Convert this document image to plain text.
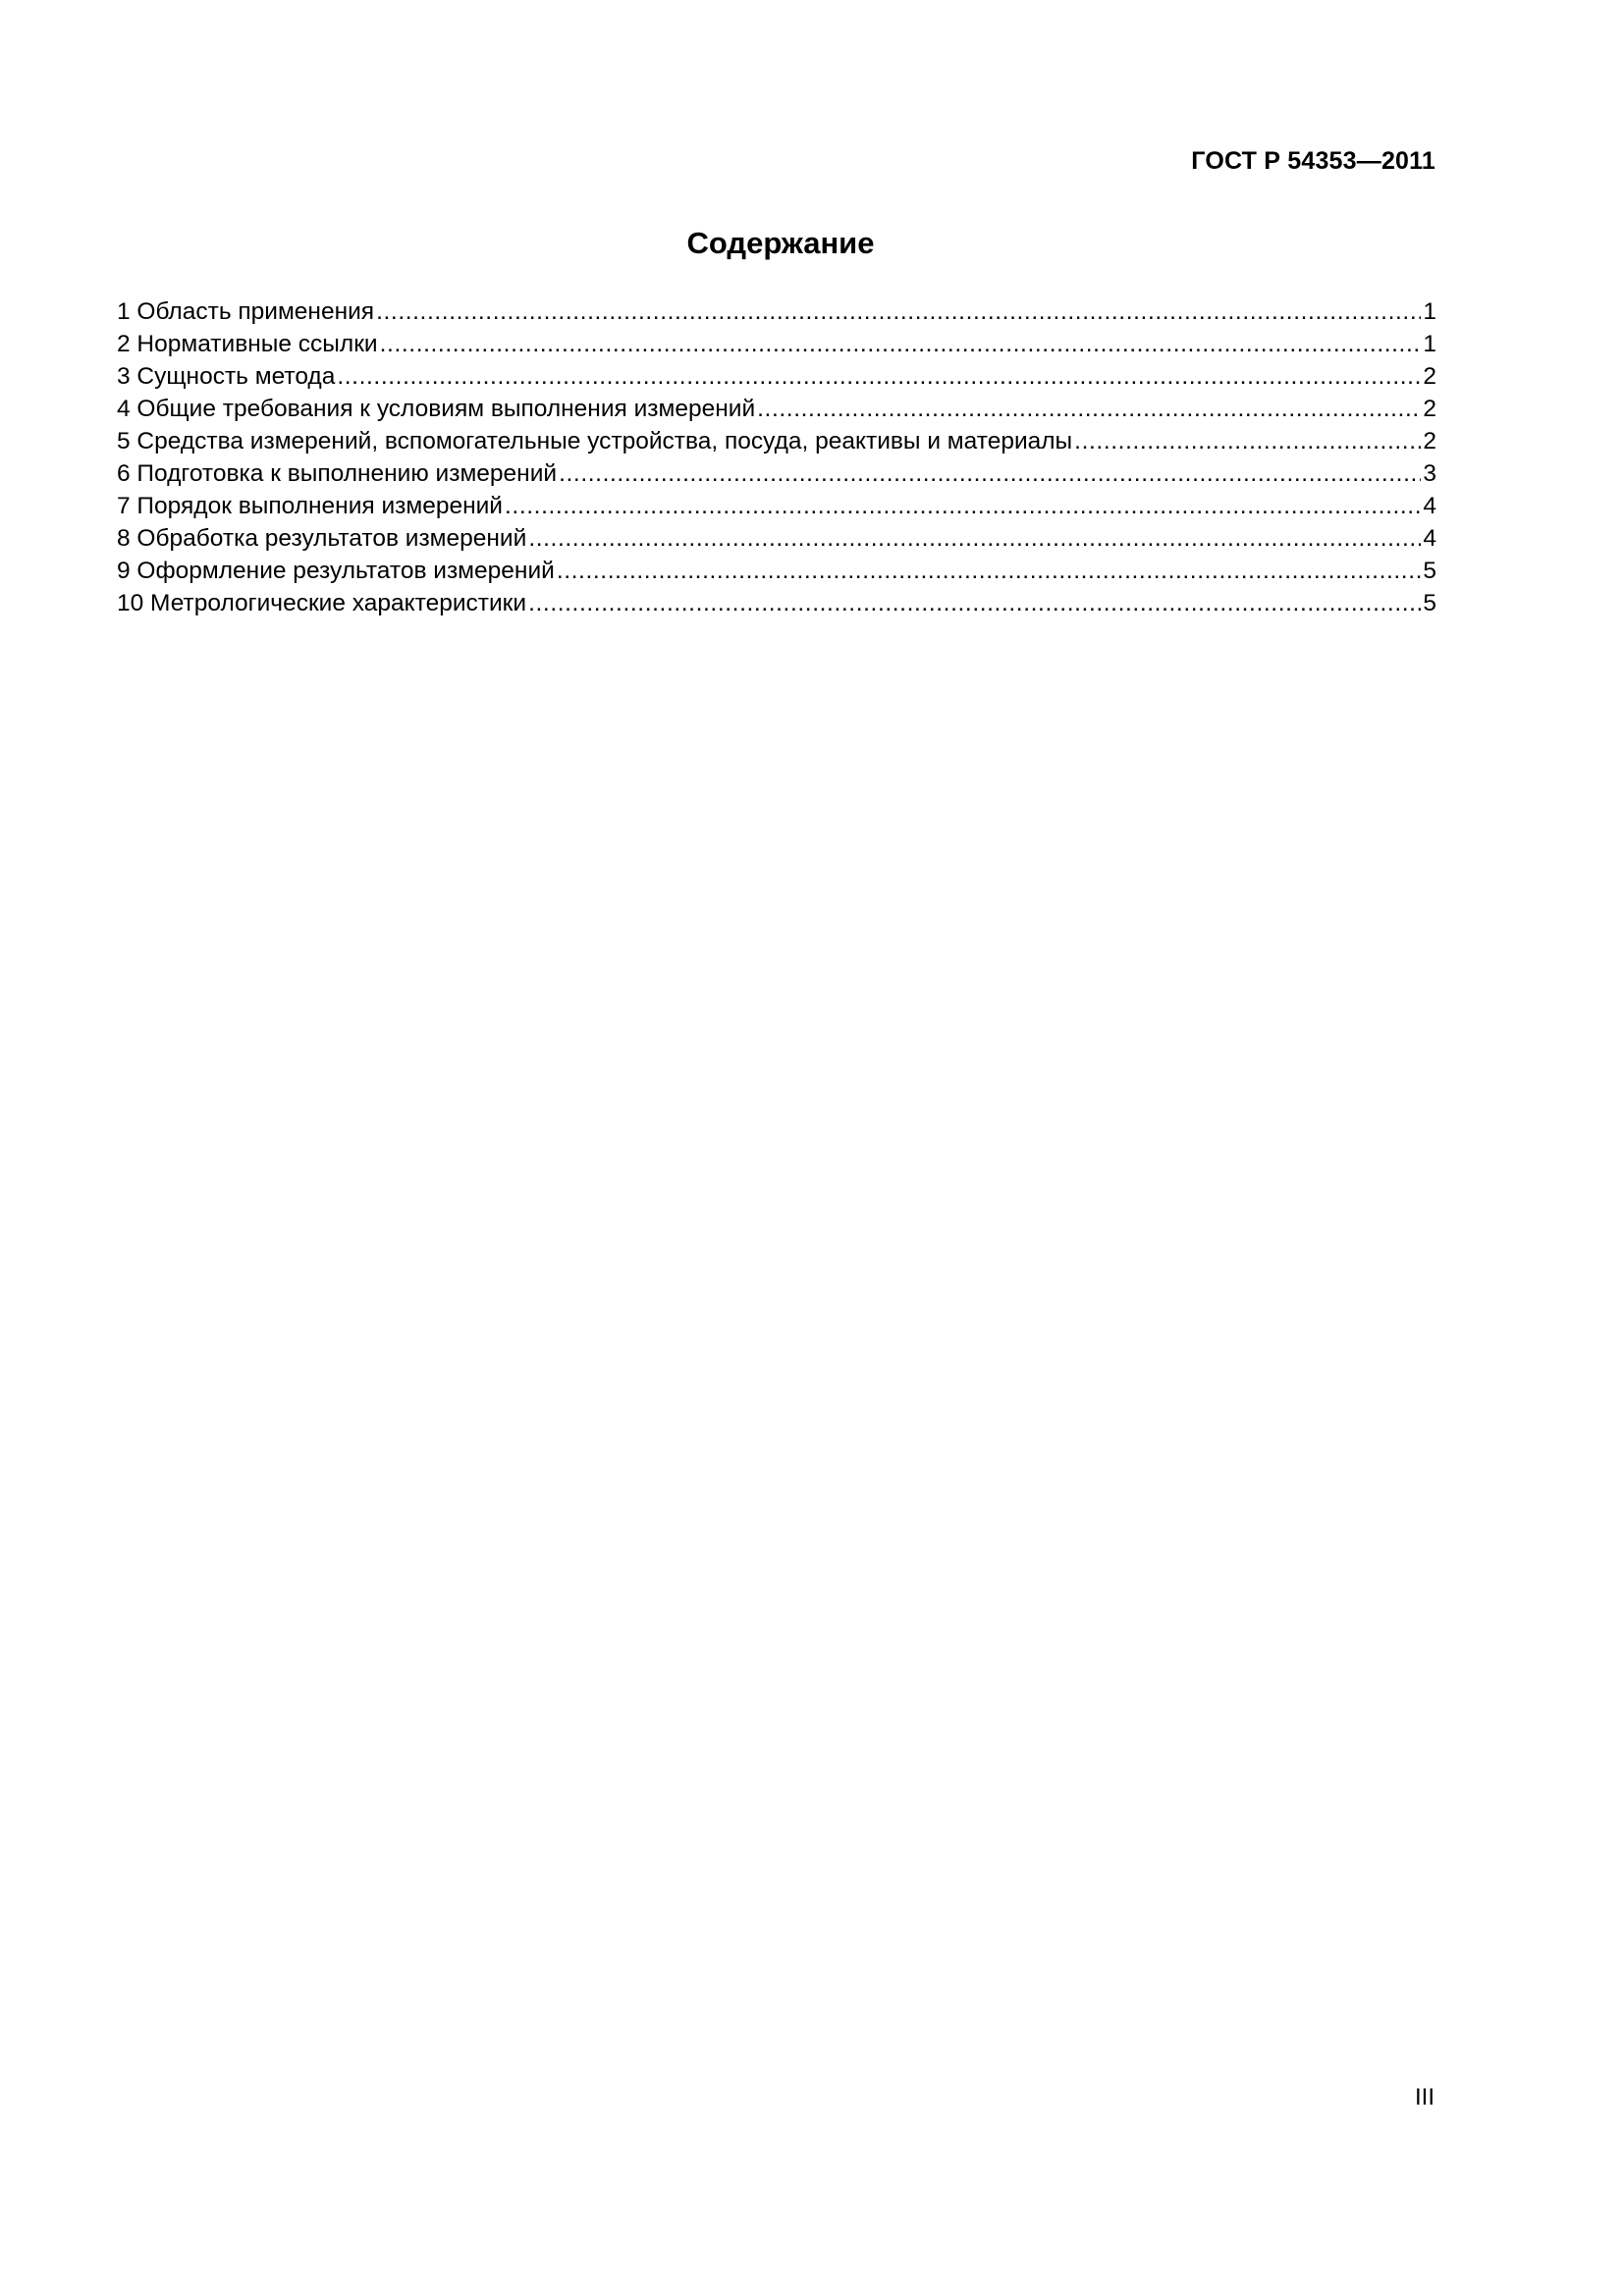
ГОСТ Р 54353—2011
Содержание
1 Область применения . . .	1
2 Нормативные ссылки . . .	1
3 Сущность метода . . .	2
4 Общие требования к условиям выполнения измерений . . .	2
5 Средства измерений, вспомогательные устройства, посуда, реактивы и материалы . . .	2
6 Подготовка к выполнению измерений . . .	3
7 Порядок выполнения измерений . . .	4
8 Обработка результатов измерений . . .	4
9 Оформление результатов измерений . . .	5
10 Метрологические характеристики . . .	5
III
